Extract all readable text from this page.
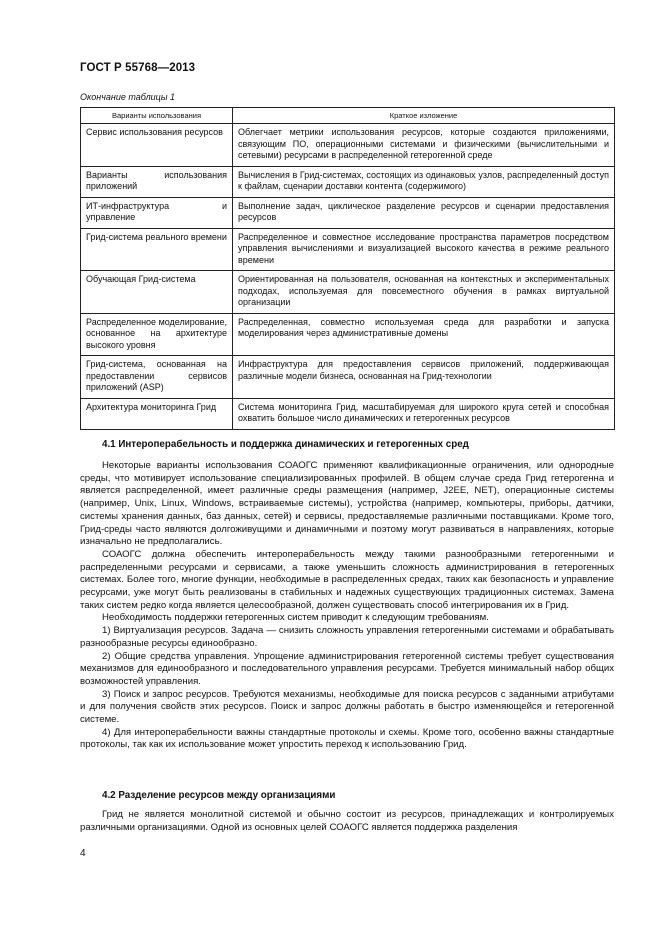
ГОСТ Р 55768—2013
Окончание таблицы 1
Варианты использования	Краткое изложение
Сервис использования ресурсов	Облегчает метрики использования ресурсов, которые создаются приложениями, связующим ПО, операционными системами и физическими (вычислительными и сетевыми) ресурсами в распределенной гетерогенной среде
Варианты использования приложений	Вычисления в Грид-системах, состоящих из одинаковых узлов, распределенный доступ к файлам, сценарии доставки контента (содержимого)
ИТ-инфраструктура и управление	Выполнение задач, циклическое разделение ресурсов и сценарии предоставления ресурсов
Грид-система реального времени	Распределенное и совместное исследование пространства параметров посредством управления вычислениями и визуализацией высокого качества в режиме реального времени
Обучающая Грид-система	Ориентированная на пользователя, основанная на контекстных и экспериментальных подходах, используемая для повсеместного обучения в рамках виртуальной организации
Распределенное моделирование, основанное на архитектуре высокого уровня	Распределенная, совместно используемая среда для разработки и запуска моделирования через административные домены
Грид-система, основанная на предоставлении сервисов приложений (ASP)	Инфраструктура для предоставления сервисов приложений, поддерживающая различные модели бизнеса, основанная на Грид-технологии
Архитектура мониторинга Грид	Система мониторинга Грид, масштабируемая для широкого круга сетей и способная охватить большое число динамических и гетерогенных ресурсов
4.1 Интероперабельность и поддержка динамических и гетерогенных сред

Некоторые варианты использования СОАОГС применяют квалификационные ограничения, или однородные среды, что мотивирует использование специализированных профилей. В общем случае среда Грид гетерогенна и является распределенной, имеет различные среды размещения (например, J2EE, NET), операционные системы (например, Unix, Linux, Windows, встраиваемые системы), устройства (например, компьютеры, приборы, датчики, системы хранения данных, баз данных, сетей) и сервисы, предоставляемые различными поставщиками. Кроме того, Грид-среды часто являются долгоживущими и динамичными и поэтому могут развиваться в направлениях, которые изначально не предполагались.

СОАОГС должна обеспечить интероперабельность между такими разнообразными гетерогенными и распределенными ресурсами и сервисами, а также уменьшить сложность администрирования в гетерогенных системах. Более того, многие функции, необходимые в распределенных средах, таких как безопасность и управление ресурсами, уже могут быть реализованы в стабильных и надежных существующих традиционных системах. Замена таких систем редко когда является целесообразной, должен существовать способ интегрирования их в Грид.

Необходимость поддержки гетерогенных систем приводит к следующим требованиям.

1) Виртуализация ресурсов. Задача — снизить сложность управления гетерогенными системами и обрабатывать разнообразные ресурсы единообразно.

2) Общие средства управления. Упрощение администрирования гетерогенной системы требует существования механизмов для единообразного и последовательного управления ресурсами. Требуется минимальный набор общих возможностей управления.

3) Поиск и запрос ресурсов. Требуются механизмы, необходимые для поиска ресурсов с заданными атрибутами и для получения свойств этих ресурсов. Поиск и запрос должны работать в быстро изменяющейся и гетерогенной системе.

4) Для интероперабельности важны стандартные протоколы и схемы. Кроме того, особенно важны стандартные протоколы, так как их использование может упростить переход к использованию Грид.

4.2 Разделение ресурсов между организациями

Грид не является монолитной системой и обычно состоит из ресурсов, принадлежащих и контролируемых различными организациями. Одной из основных целей СОАОГС является поддержка разделения

4
